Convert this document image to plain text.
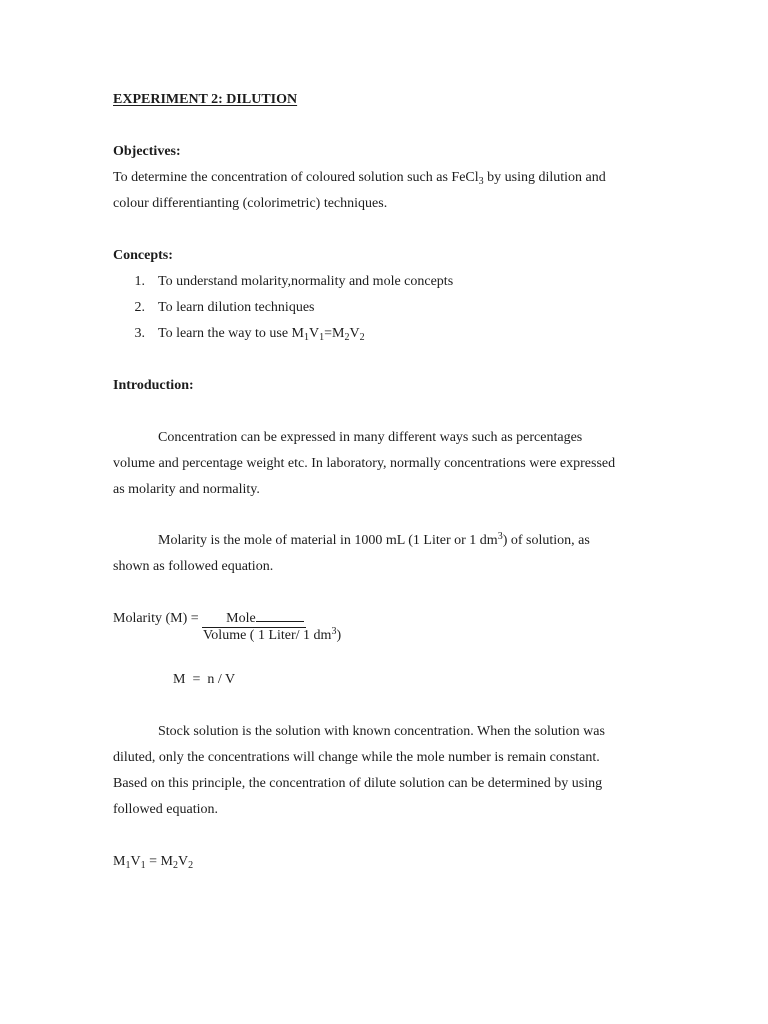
EXPERIMENT 2: DILUTION
Objectives:
To determine the concentration of coloured solution such as FeCl$_3$ by using dilution and
colour differentianting (colorimetric) techniques.
Concepts:
1. To understand molarity,normality and mole concepts
2. To learn dilution techniques
3. To learn the way to use $M_1V_1=M_2V_2$
Introduction:
Concentration can be expressed in many different ways such as percentages
volume and percentage weight etc. In laboratory, normally concentrations were expressed
as molarity and normality.
Molarity is the mole of material in 1000 mL (1 Liter or 1 $dm^3$) of solution, as
shown as followed equation.
Molarity (M) = Mole
Volume ( 1 Liter/ 1 $dm^3$)
M  =  n / V
Stock solution is the solution with known concentration. When the solution was
diluted, only the concentrations will change while the mole number is remain constant.
Based on this principle, the concentration of dilute solution can be determined by using
followed equation.
$M_1V_1 = M_2V_2$
